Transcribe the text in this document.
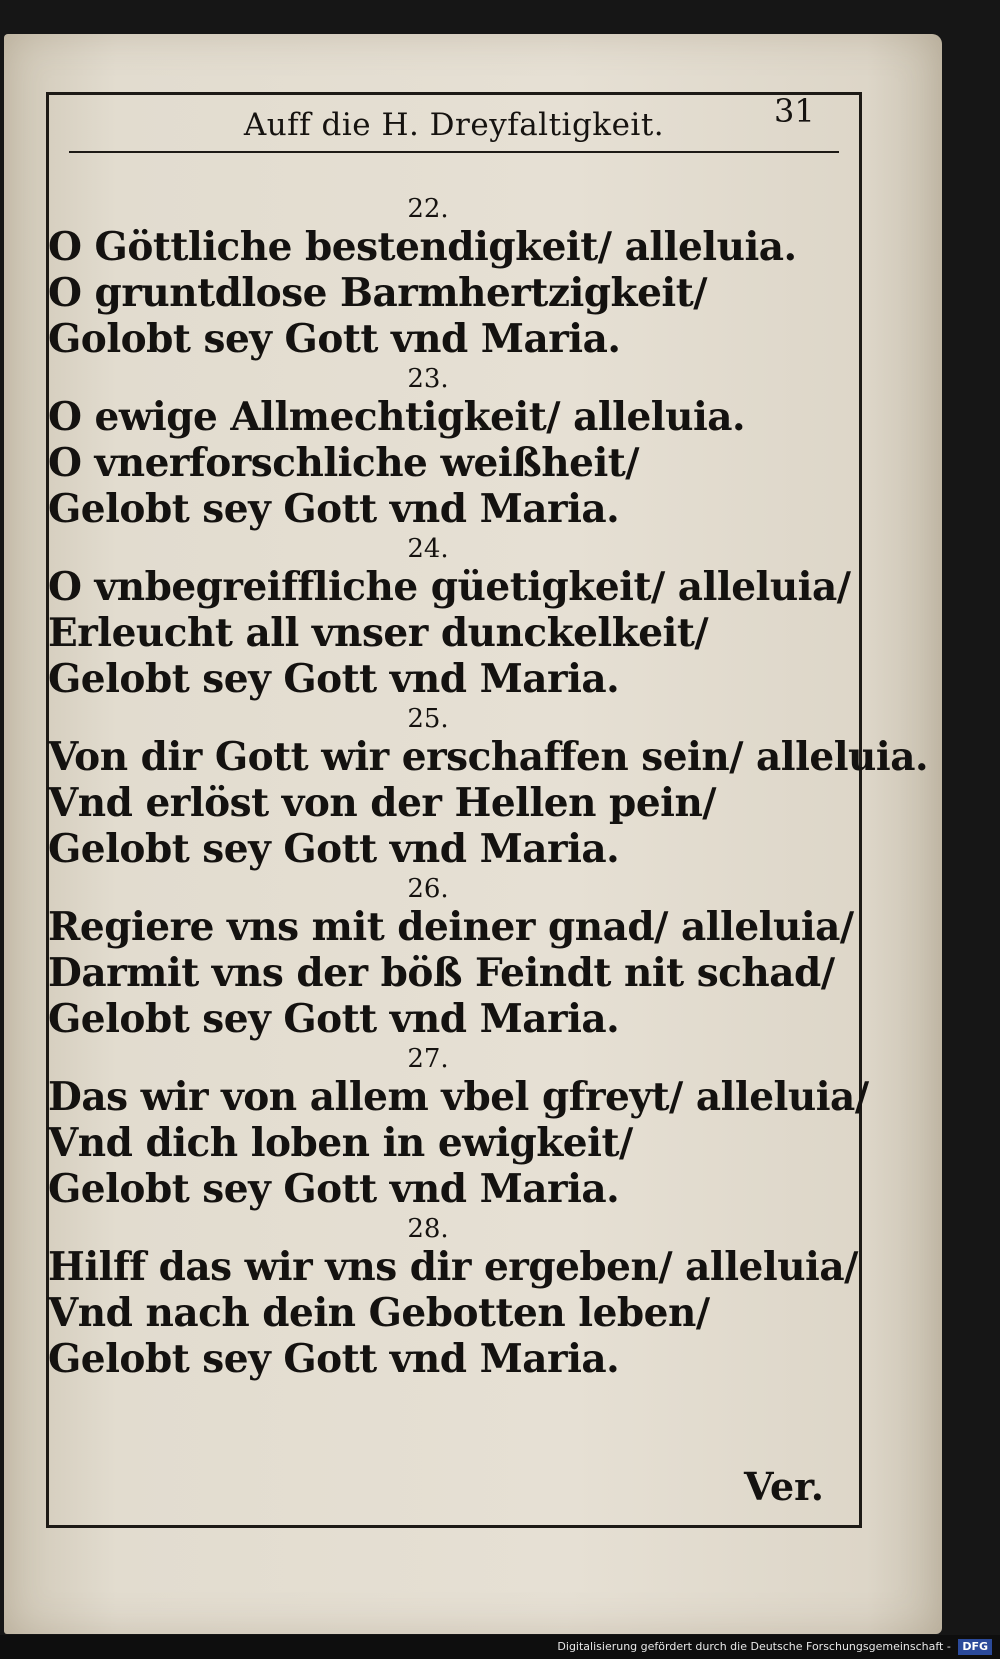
Auff die H. Dreyfaltigkeit.	31
22.
O Göttliche bestendigkeit/ alleluia.
O gruntdlose Barmhertzigkeit/
Golobt sey Gott vnd Maria.
23.
O ewige Allmechtigkeit/ alleluia.
O vnerforschliche weißheit/
Gelobt sey Gott vnd Maria.
24.
O vnbegreiffliche güetigkeit/ alleluia/
Erleucht all vnser dunckelkeit/
Gelobt sey Gott vnd Maria.
25.
Von dir Gott wir erschaffen sein/ alleluia.
Vnd erlöst von der Hellen pein/
Gelobt sey Gott vnd Maria.
26.
Regiere vns mit deiner gnad/ alleluia/
Darmit vns der böß Feindt nit schad/
Gelobt sey Gott vnd Maria.
27.
Das wir von allem vbel gfreyt/ alleluia/
Vnd dich loben in ewigkeit/
Gelobt sey Gott vnd Maria.
28.
Hilff das wir vns dir ergeben/ alleluia/
Vnd nach dein Gebotten leben/
Gelobt sey Gott vnd Maria.
Ver.
Digitalisierung gefördert durch die Deutsche Forschungsgemeinschaft - DFG
